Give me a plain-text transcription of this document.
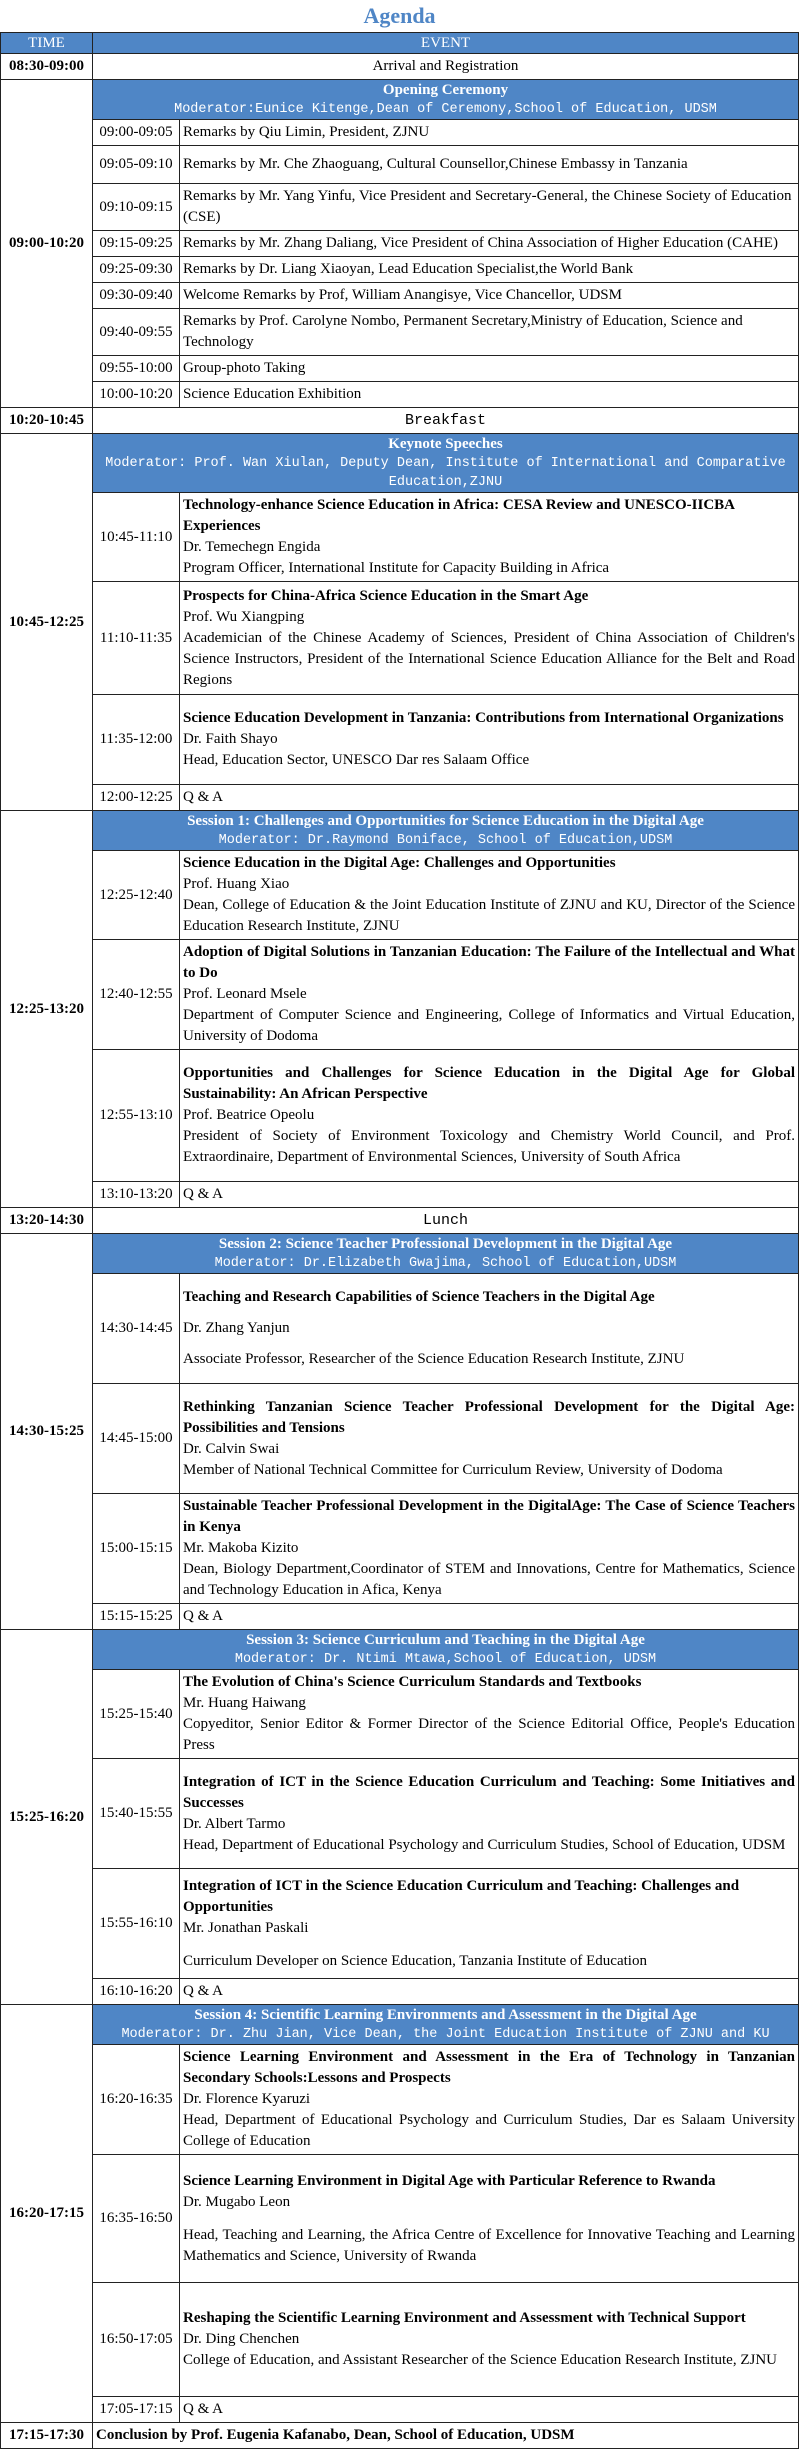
Agenda
TIME	EVENT	
08:30-09:00	Arrival and Registration	
09:00-10:20	Opening Ceremony
Moderator:Eunice Kitenge,Dean of Ceremony,School of Education, UDSM	

	09:00-09:05	Remarks by Qiu Limin, President, ZJNU
	09:05-09:10	Remarks by Mr. Che Zhaoguang, Cultural Counsellor,Chinese Embassy in Tanzania
	09:10-09:15	Remarks by Mr. Yang Yinfu, Vice President and Secretary-General, the Chinese Society of Education (CSE)
	09:15-09:25	Remarks by Mr. Zhang Daliang, Vice President of China Association of Higher Education (CAHE)
	09:25-09:30	Remarks by Dr. Liang Xiaoyan, Lead Education Specialist,the World Bank
	09:30-09:40	Welcome Remarks by Prof, William Anangisye, Vice Chancellor, UDSM
	09:40-09:55	Remarks by Prof. Carolyne Nombo, Permanent Secretary,Ministry of Education, Science and Technology
	09:55-10:00	Group-photo Taking
	10:00-10:20	Science Education Exhibition
10:20-10:45	Breakfast	
10:45-12:25	Keynote Speeches
Moderator: Prof. Wan Xiulan, Deputy Dean, Institute of International and Comparative Education,ZJNU	

	10:45-11:10	Technology-enhance Science Education in Africa: CESA Review and UNESCO-IICBA Experiences
Dr. Temechegn Engida
Program Officer, International Institute for Capacity Building in Africa

	11:10-11:35	Prospects for China-Africa Science Education in the Smart Age
Prof. Wu Xiangping
Academician of the Chinese Academy of Sciences, President of China Association of Children's Science Instructors, President of the International Science Education Alliance for the Belt and Road Regions

	11:35-12:00	Science Education Development in Tanzania: Contributions from International Organizations
Dr. Faith Shayo
Head, Education Sector, UNESCO Dar res Salaam Office

	12:00-12:25	Q & A
12:25-13:20	Session 1: Challenges and Opportunities for Science Education in the Digital Age
Moderator: Dr.Raymond Boniface, School of Education,UDSM	

	12:25-12:40	Science Education in the Digital Age: Challenges and Opportunities
Prof. Huang Xiao
Dean, College of Education & the Joint Education Institute of ZJNU and KU, Director of the Science Education Research Institute, ZJNU

	12:40-12:55	Adoption of Digital Solutions in Tanzanian Education: The Failure of the Intellectual and What to Do
Prof. Leonard Msele
Department of Computer Science and Engineering, College of Informatics and Virtual Education, University of Dodoma

	12:55-13:10	Opportunities and Challenges for Science Education in the Digital Age for Global Sustainability: An African Perspective
Prof. Beatrice Opeolu
President of Society of Environment Toxicology and Chemistry World Council, and Prof. Extraordinaire, Department of Environmental Sciences, University of South Africa

	13:10-13:20	Q & A
13:20-14:30	Lunch	
14:30-15:25	Session 2: Science Teacher Professional Development in the Digital Age
Moderator: Dr.Elizabeth Gwajima, School of Education,UDSM	

	14:30-14:45	Teaching and Research Capabilities of Science Teachers in the Digital Age
Dr. Zhang Yanjun
Associate Professor, Researcher of the Science Education Research Institute, ZJNU

	14:45-15:00	Rethinking Tanzanian Science Teacher Professional Development for the Digital Age: Possibilities and Tensions
Dr. Calvin Swai
Member of National Technical Committee for Curriculum Review, University of Dodoma

	15:00-15:15	Sustainable Teacher Professional Development in the DigitalAge: The Case of Science Teachers in Kenya
Mr. Makoba Kizito
Dean, Biology Department,Coordinator of STEM and Innovations, Centre for Mathematics, Science and Technology Education in Afica, Kenya

	15:15-15:25	Q & A
15:25-16:20	Session 3: Science Curriculum and Teaching in the Digital Age
Moderator: Dr. Ntimi Mtawa,School of Education, UDSM	

	15:25-15:40	The Evolution of China's Science Curriculum Standards and Textbooks
Mr. Huang Haiwang
Copyeditor, Senior Editor & Former Director of the Science Editorial Office, People's Education Press

	15:40-15:55	Integration of ICT in the Science Education Curriculum and Teaching: Some Initiatives and Successes
Dr. Albert Tarmo
Head, Department of Educational Psychology and Curriculum Studies, School of Education, UDSM

	15:55-16:10	Integration of ICT in the Science Education Curriculum and Teaching: Challenges and Opportunities
Mr. Jonathan Paskali
Curriculum Developer on Science Education, Tanzania Institute of Education

	16:10-16:20	Q & A
16:20-17:15	Session 4: Scientific Learning Environments and Assessment in the Digital Age
Moderator: Dr. Zhu Jian, Vice Dean, the Joint Education Institute of ZJNU and KU	

	16:20-16:35	Science Learning Environment and Assessment in the Era of Technology in Tanzanian Secondary Schools:Lessons and Prospects
Dr. Florence Kyaruzi
Head, Department of Educational Psychology and Curriculum Studies, Dar es Salaam University College of Education

	16:35-16:50	Science Learning Environment in Digital Age with Particular Reference to Rwanda
Dr. Mugabo Leon
Head, Teaching and Learning, the Africa Centre of Excellence for Innovative Teaching and Learning Mathematics and Science, University of Rwanda

	16:50-17:05	Reshaping the Scientific Learning Environment and Assessment with Technical Support
Dr. Ding Chenchen
College of Education, and Assistant Researcher of the Science Education Research Institute, ZJNU

	17:05-17:15	Q & A
17:15-17:30	Conclusion by Prof. Eugenia Kafanabo, Dean, School of Education, UDSM	
